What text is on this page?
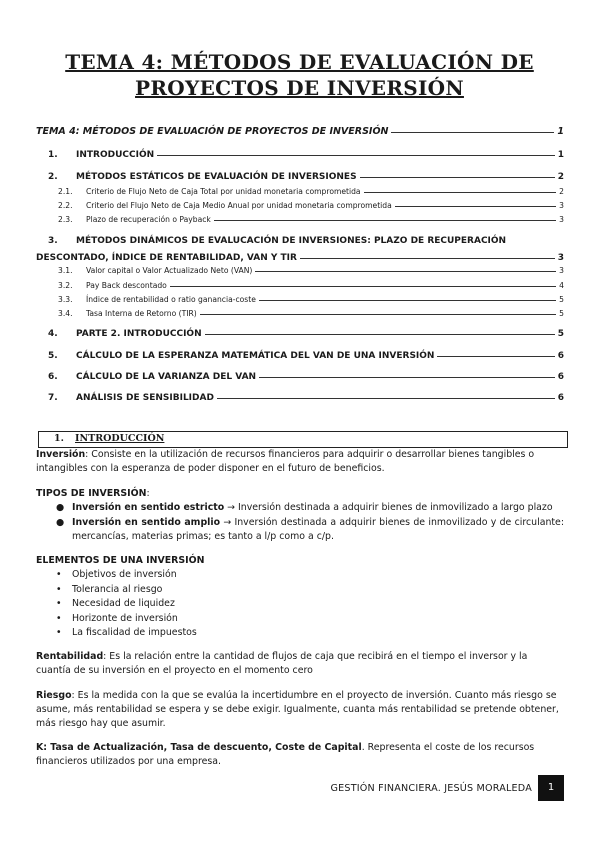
TEMA 4: MÉTODOS DE EVALUACIÓN DE
PROYECTOS DE INVERSIÓN
TEMA 4: MÉTODOS DE EVALUACIÓN DE PROYECTOS DE INVERSIÓN	1
1.	INTRODUCCIÓN	1
2.	MÉTODOS ESTÁTICOS DE EVALUACIÓN DE INVERSIONES	2
2.1.	Criterio de Flujo Neto de Caja Total por unidad monetaria comprometida	2
2.2.	Criterio del Flujo Neto de Caja Medio Anual por unidad monetaria comprometida	3
2.3.	Plazo de recuperación o Payback	3
3.	MÉTODOS DINÁMICOS DE EVALUCACIÓN DE INVERSIONES: PLAZO DE RECUPERACIÓN
DESCONTADO, ÍNDICE DE RENTABILIDAD, VAN Y TIR	3
3.1.	Valor capital o Valor Actualizado Neto (VAN)	3
3.2.	Pay Back descontado	4
3.3.	Índice de rentabilidad o ratio ganancia-coste	5
3.4.	Tasa Interna de Retorno (TIR)	5
4.	PARTE 2. INTRODUCCIÓN	5
5.	CÁLCULO DE LA ESPERANZA MATEMÁTICA DEL VAN DE UNA INVERSIÓN	6
6.	CÁLCULO DE LA VARIANZA DEL VAN	6
7.	ANÁLISIS DE SENSIBILIDAD	6
1. INTRODUCCIÓN
Inversión: Consiste en la utilización de recursos financieros para adquirir o desarrollar bienes tangibles o intangibles con la esperanza de poder disponer en el futuro de beneficios.
TIPOS DE INVERSIÓN:
● Inversión en sentido estricto → Inversión destinada a adquirir bienes de inmovilizado a largo plazo
● Inversión en sentido amplio → Inversión destinada a adquirir bienes de inmovilizado y de circulante: mercancías, materias primas; es tanto a l/p como a c/p.
ELEMENTOS DE UNA INVERSIÓN
• Objetivos de inversión
• Tolerancia al riesgo
• Necesidad de liquidez
• Horizonte de inversión
• La fiscalidad de impuestos
Rentabilidad: Es la relación entre la cantidad de flujos de caja que recibirá en el tiempo el inversor y la cuantía de su inversión en el proyecto en el momento cero
Riesgo: Es la medida con la que se evalúa la incertidumbre en el proyecto de inversión. Cuanto más riesgo se asume, más rentabilidad se espera y se debe exigir. Igualmente, cuanta más rentabilidad se pretende obtener, más riesgo hay que asumir.
K: Tasa de Actualización, Tasa de descuento, Coste de Capital. Representa el coste de los recursos financieros utilizados por una empresa.
GESTIÓN FINANCIERA. JESÚS MORALEDA	1
